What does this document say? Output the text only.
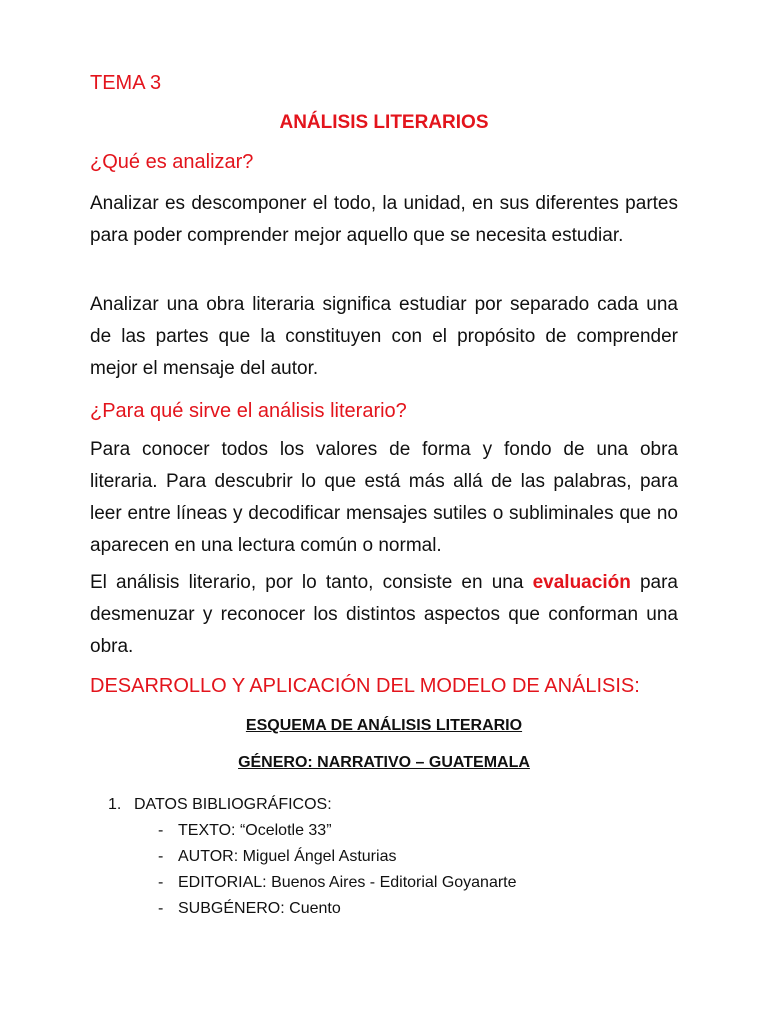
TEMA 3
ANÁLISIS LITERARIOS
¿Qué es analizar?

Analizar es descomponer el todo, la unidad, en sus diferentes partes para poder comprender mejor aquello que se necesita estudiar.

Analizar una obra literaria significa estudiar por separado cada una de las partes que la constituyen con el propósito de comprender mejor el mensaje del autor.

¿Para qué sirve el análisis literario?

Para conocer todos los valores de forma y fondo de una obra literaria. Para descubrir lo que está más allá de las palabras, para leer entre líneas y decodificar mensajes sutiles o subliminales que no aparecen en una lectura común o normal.

El análisis literario, por lo tanto, consiste en una evaluación para desmenuzar y reconocer los distintos aspectos que conforman una obra.

DESARROLLO Y APLICACIÓN DEL MODELO DE ANÁLISIS:
ESQUEMA DE ANÁLISIS LITERARIO
GÉNERO: NARRATIVO – GUATEMALA
1. DATOS BIBLIOGRÁFICOS:
- TEXTO: “Ocelotle 33”
- AUTOR: Miguel Ángel Asturias
- EDITORIAL: Buenos Aires - Editorial Goyanarte
- SUBGÉNERO: Cuento
